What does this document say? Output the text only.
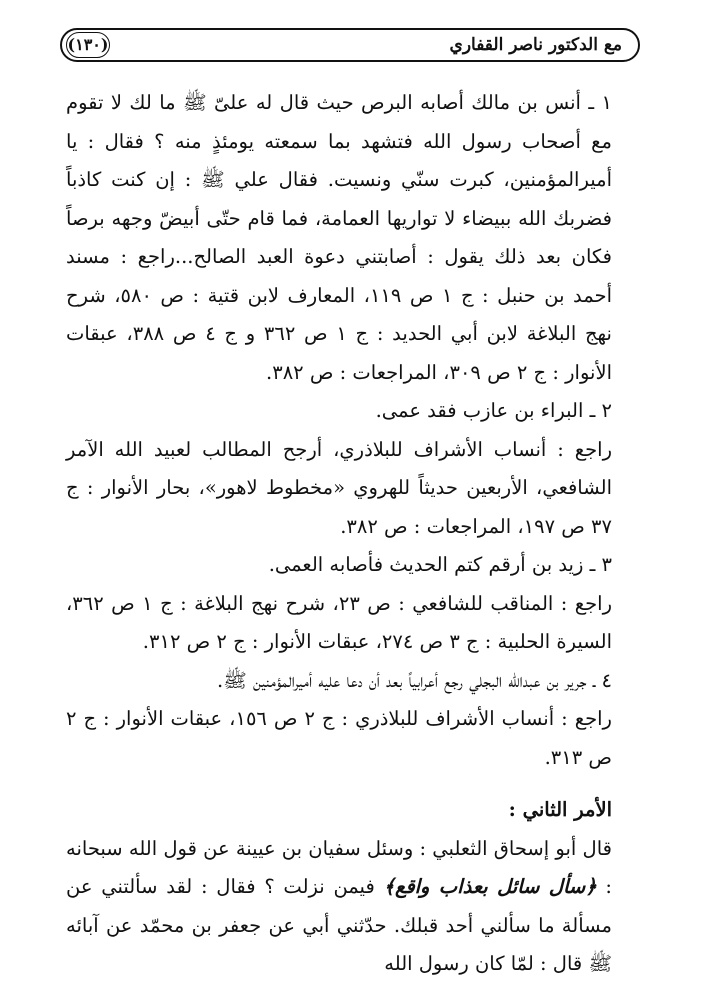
مع الدكتور ناصر القفاري
(١٣٠)

١ ـ أنس بن مالك أصابه البرص حيث قال له علىّ ﷺ ما لك لا تقوم مع أصحاب رسول الله فتشهد بما سمعته يومئذٍ منه ؟ فقال : يا أميرالمؤمنين، كبرت سنّي ونسيت. فقال علي ﷺ : إن كنت كاذباً فضربك الله ببيضاء لا تواريها العمامة، فما قام حتّى أبيضّ وجهه برصاً فكان بعد ذلك يقول : أصابتني دعوة العبد الصالح...راجع : مسند أحمد بن حنبل : ج ١ ص ١١٩، المعارف لابن قتية : ص ٥٨٠، شرح نهج البلاغة لابن أبي الحديد : ج ١ ص ٣٦٢ و ج ٤ ص ٣٨٨، عبقات الأنوار : ج ٢ ص ٣٠٩، المراجعات : ص ٣٨٢.

٢ ـ البراء بن عازب فقد عمى.

راجع : أنساب الأشراف للبلاذري، أرجح المطالب لعبيد الله الآمر الشافعي، الأربعين حديثاً للهروي «مخطوط لاهور»، بحار الأنوار : ج ٣٧ ص ١٩٧، المراجعات : ص ٣٨٢.

٣ ـ زيد بن أرقم كتم الحديث فأصابه العمى.

راجع : المناقب للشافعي : ص ٢٣، شرح نهج البلاغة : ج ١ ص ٣٦٢، السيرة الحلبية : ج ٣ ص ٢٧٤، عبقات الأنوار : ج ٢ ص ٣١٢.

٤ ـ جرير بن عبدالله البجلي رجع أعرابياً بعد أن دعا عليه أميرالمؤمنين ﷺ.

راجع : أنساب الأشراف للبلاذري : ج ٢ ص ١٥٦، عبقات الأنوار : ج ٢ ص ٣١٣.

الأمر الثاني :

قال أبو إسحاق الثعلبي : وسئل سفيان بن عيينة عن قول الله سبحانه : ﴿سأل سائل بعذاب واقع﴾ فيمن نزلت ؟ فقال : لقد سألتني عن مسألة ما سألني أحد قبلك. حدّثني أبي عن جعفر بن محمّد عن آبائه ﷺ قال : لمّا كان رسول الله
